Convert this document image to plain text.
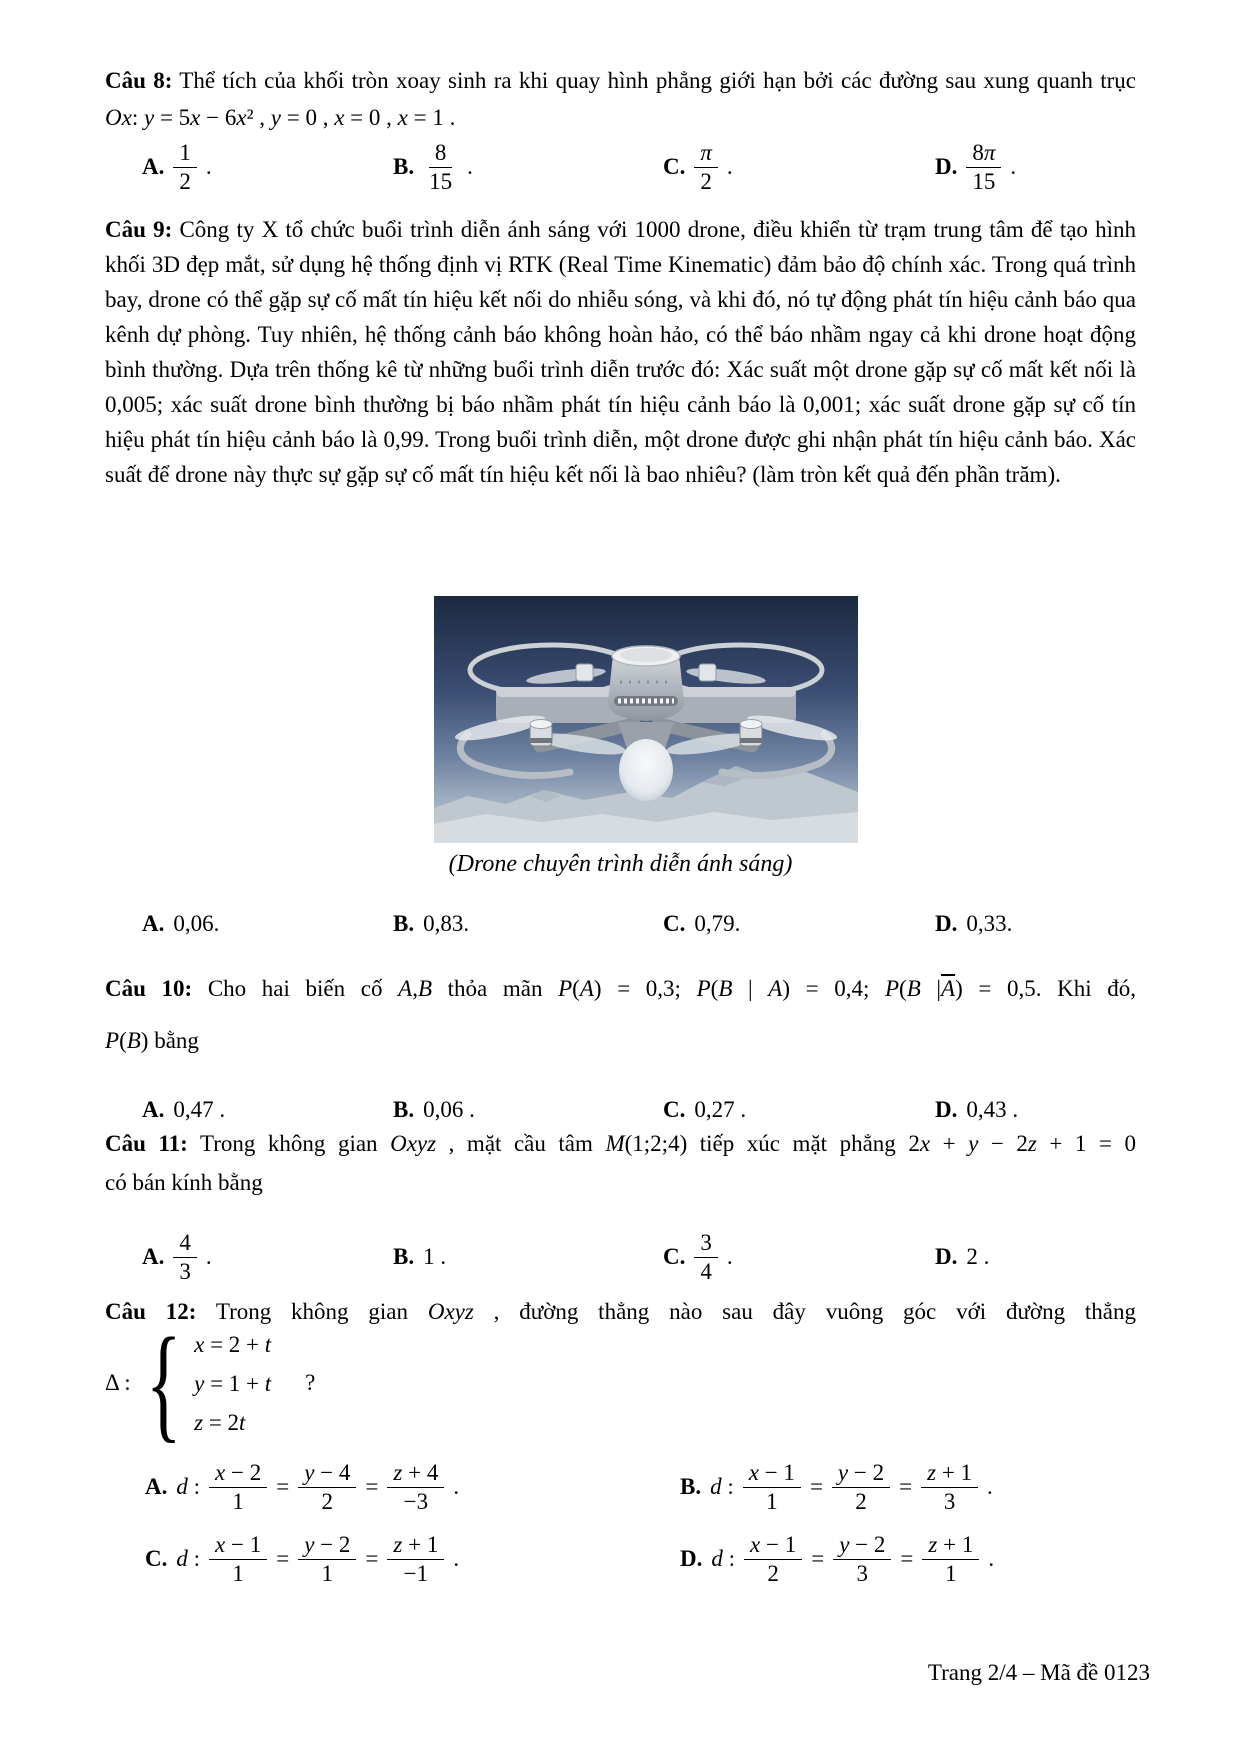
Câu 8: Thể tích của khối tròn xoay sinh ra khi quay hình phẳng giới hạn bởi các đường sau xung quanh trục Ox: y = 5x − 6x² , y = 0 , x = 0 , x = 1 .
A. $\frac{1}{2}$ .	B. $\frac{8}{15}$ .	C. $\frac{\pi}{2}$ .	D. $\frac{8\pi}{15}$ .
Câu 9: Công ty X tổ chức buổi trình diễn ánh sáng với 1000 drone, điều khiển từ trạm trung tâm để tạo hình khối 3D đẹp mắt, sử dụng hệ thống định vị RTK (Real Time Kinematic) đảm bảo độ chính xác. Trong quá trình bay, drone có thể gặp sự cố mất tín hiệu kết nối do nhiễu sóng, và khi đó, nó tự động phát tín hiệu cảnh báo qua kênh dự phòng. Tuy nhiên, hệ thống cảnh báo không hoàn hảo, có thể báo nhầm ngay cả khi drone hoạt động bình thường. Dựa trên thống kê từ những buổi trình diễn trước đó: Xác suất một drone gặp sự cố mất kết nối là 0,005; xác suất drone bình thường bị báo nhầm phát tín hiệu cảnh báo là 0,001; xác suất drone gặp sự cố tín hiệu phát tín hiệu cảnh báo là 0,99. Trong buổi trình diễn, một drone được ghi nhận phát tín hiệu cảnh báo. Xác suất để drone này thực sự gặp sự cố mất tín hiệu kết nối là bao nhiêu? (làm tròn kết quả đến phần trăm).
(Drone chuyên trình diễn ánh sáng)
A. 0,06.	B. 0,83.	C. 0,79.	D. 0,33.
Câu 10: Cho hai biến cố A,B thỏa mãn P(A) = 0,3; P(B | A) = 0,4; P(B $|\overline{A}) = 0,5$. Khi đó,
P(B) bằng
A. 0,47 .	B. 0,06 .	C. 0,27 .	D. 0,43 .
Câu 11: Trong không gian Oxyz , mặt cầu tâm M(1;2;4) tiếp xúc mặt phẳng 2x + y − 2z + 1 = 0
có bán kính bằng
A. $\frac{4}{3}$ .	B. 1 .	C. $\frac{3}{4}$ .	D. 2 .
Câu 12: Trong không gian Oxyz , đường thẳng nào sau đây vuông góc với đường thẳng
Δ : { x = 2 + t
y = 1 + t
z = 2t
?
A. d : $\frac{x - 2}{1} = \frac{y - 4}{2} = \frac{z + 4}{-3}$ .	B. d : $\frac{x - 1}{1} = \frac{y - 2}{2} = \frac{z + 1}{3}$ .
C. d : $\frac{x - 1}{1} = \frac{y - 2}{1} = \frac{z + 1}{-1}$ .	D. d : $\frac{x - 1}{2} = \frac{y - 2}{3} = \frac{z + 1}{1}$ .
Trang 2/4 – Mã đề 0123
